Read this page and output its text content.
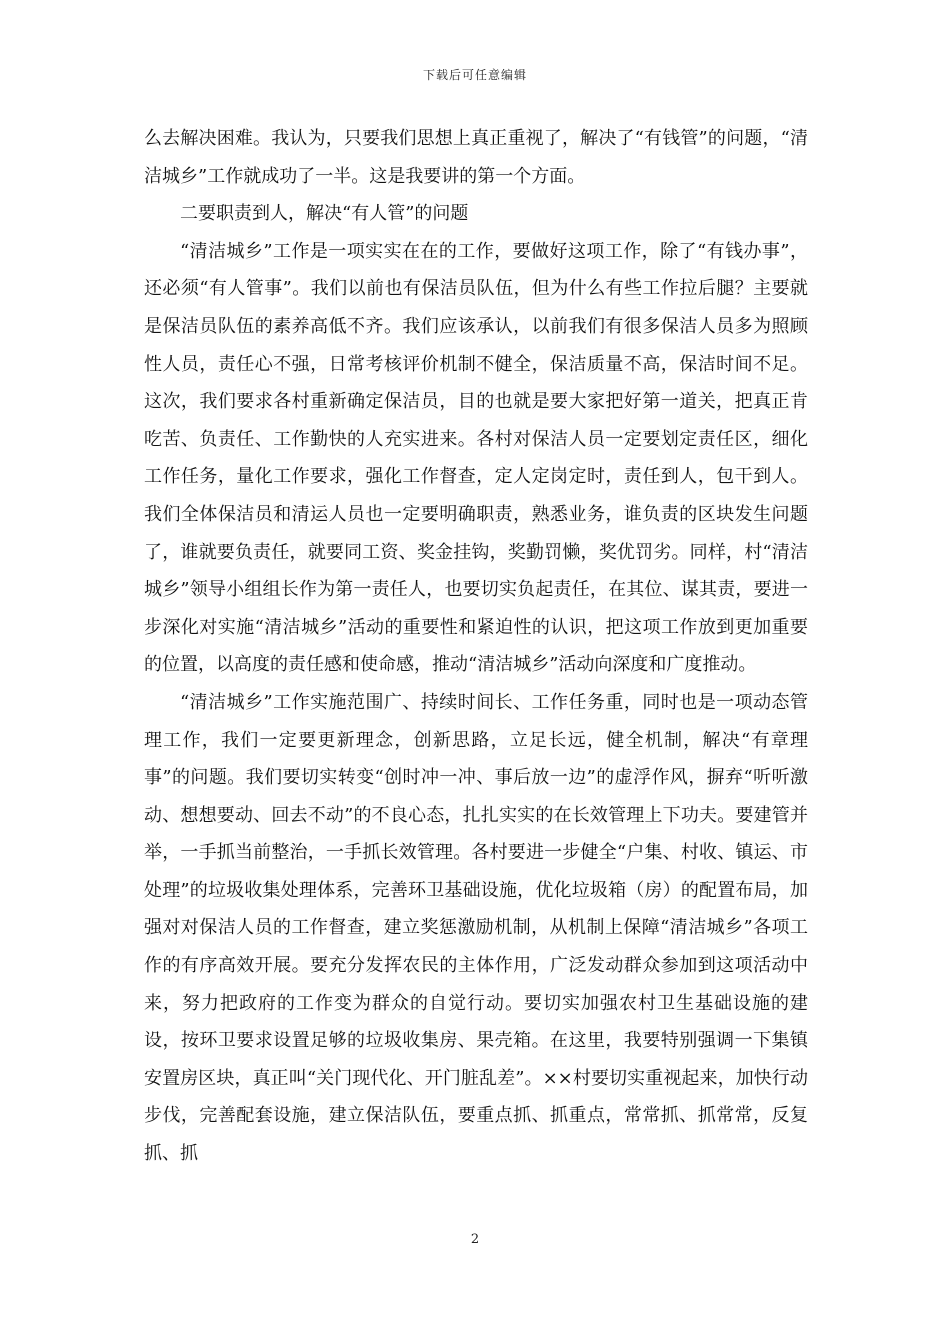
下载后可任意编辑

么去解决困难。我认为，只要我们思想上真正重视了，解决了“有钱管”的问题，“清洁城乡”工作就成功了一半。这是我要讲的第一个方面。

二要职责到人，解决“有人管”的问题

“清洁城乡”工作是一项实实在在的工作，要做好这项工作，除了“有钱办事”，还必须“有人管事”。我们以前也有保洁员队伍，但为什么有些工作拉后腿？主要就是保洁员队伍的素养高低不齐。我们应该承认，以前我们有很多保洁人员多为照顾性人员，责任心不强，日常考核评价机制不健全，保洁质量不高，保洁时间不足。这次，我们要求各村重新确定保洁员，目的也就是要大家把好第一道关，把真正肯吃苦、负责任、工作勤快的人充实进来。各村对保洁人员一定要划定责任区，细化工作任务，量化工作要求，强化工作督查，定人定岗定时，责任到人，包干到人。我们全体保洁员和清运人员也一定要明确职责，熟悉业务，谁负责的区块发生问题了，谁就要负责任，就要同工资、奖金挂钩，奖勤罚懒，奖优罚劣。同样，村“清洁城乡”领导小组组长作为第一责任人，也要切实负起责任，在其位、谋其责，要进一步深化对实施“清洁城乡”活动的重要性和紧迫性的认识，把这项工作放到更加重要的位置，以高度的责任感和使命感，推动“清洁城乡”活动向深度和广度推动。

“清洁城乡”工作实施范围广、持续时间长、工作任务重，同时也是一项动态管理工作，我们一定要更新理念，创新思路，立足长远，健全机制，解决“有章理事”的问题。我们要切实转变“创时冲一冲、事后放一边”的虚浮作风，摒弃“听听激动、想想要动、回去不动”的不良心态，扎扎实实的在长效管理上下功夫。要建管并举，一手抓当前整治，一手抓长效管理。各村要进一步健全“户集、村收、镇运、市处理”的垃圾收集处理体系，完善环卫基础设施，优化垃圾箱（房）的配置布局，加强对对保洁人员的工作督查，建立奖惩激励机制，从机制上保障“清洁城乡”各项工作的有序高效开展。要充分发挥农民的主体作用，广泛发动群众参加到这项活动中来，努力把政府的工作变为群众的自觉行动。要切实加强农村卫生基础设施的建设，按环卫要求设置足够的垃圾收集房、果壳箱。在这里，我要特别强调一下集镇安置房区块，真正叫“关门现代化、开门脏乱差”。××村要切实重视起来，加快行动步伐，完善配套设施，建立保洁队伍，要重点抓、抓重点，常常抓、抓常常，反复抓、抓

2
